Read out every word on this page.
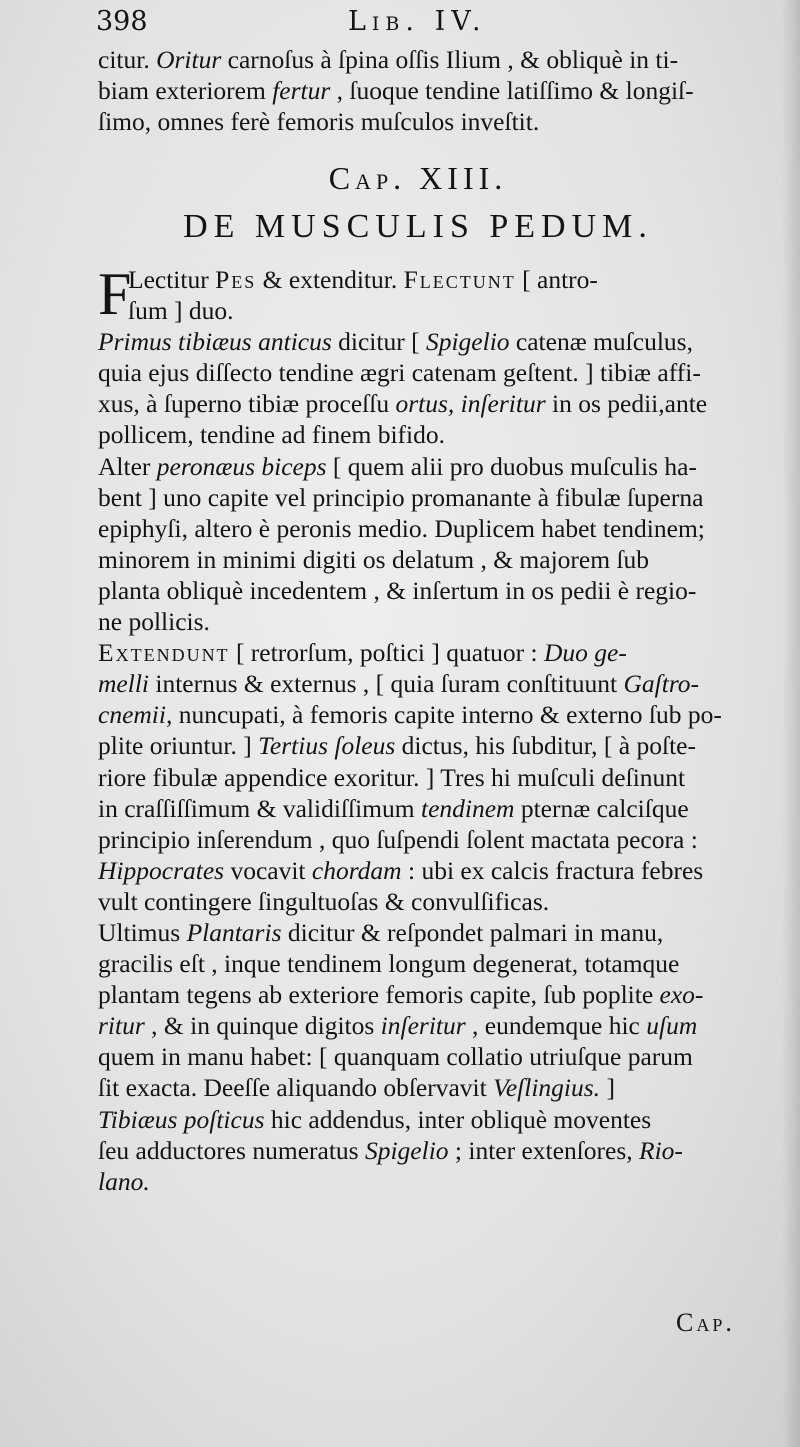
398	Lib. IV.
citur. Oritur carnoſus à ſpina oſſis Ilium , & obliquè in ti-
biam exteriorem fertur , ſuoque tendine latiſſimo & longiſ-
ſimo, omnes ferè femoris muſculos inveſtit.
Cap. XIII.
DE MUSCULIS PEDUM.
F
Lectitur Pes & extenditur. Flectunt [ antro-
ſum ] duo.
Primus tibiæus anticus dicitur [ Spigelio catenæ muſculus,
quia ejus diſſecto tendine ægri catenam geſtent. ] tibiæ affi-
xus, à ſuperno tibiæ proceſſu ortus, inſeritur in os pedii,ante
pollicem, tendine ad finem bifido.
Alter peronæus biceps [ quem alii pro duobus muſculis ha-
bent ] uno capite vel principio promanante à fibulæ ſuperna
epiphyſi, altero è peronis medio. Duplicem habet tendinem;
minorem in minimi digiti os delatum , & majorem ſub
planta obliquè incedentem , & inſertum in os pedii è regio-
ne pollicis.
Extendunt [ retrorſum, poſtici ] quatuor : Duo ge-
melli internus & externus , [ quia ſuram conſtituunt Gaſtro-
cnemii, nuncupati, à femoris capite interno & externo ſub po-
plite oriuntur. ] Tertius ſoleus dictus, his ſubditur, [ à poſte-
riore fibulæ appendice exoritur. ] Tres hi muſculi deſinunt
in craſſiſſimum & validiſſimum tendinem pternæ calciſque
principio inſerendum , quo ſuſpendi ſolent mactata pecora :
Hippocrates vocavit chordam : ubi ex calcis fractura febres
vult contingere ſingultuoſas & convulſificas.
Ultimus Plantaris dicitur & reſpondet palmari in manu,
gracilis eſt , inque tendinem longum degenerat, totamque
plantam tegens ab exteriore femoris capite, ſub poplite exo-
ritur , & in quinque digitos inſeritur , eundemque hic uſum
quem in manu habet: [ quanquam collatio utriuſque parum
ſit exacta. Deeſſe aliquando obſervavit Veſlingius. ]
Tibiæus poſticus hic addendus, inter obliquè moventes
ſeu adductores numeratus Spigelio ; inter extenſores, Rio-
lano.
Cap.
